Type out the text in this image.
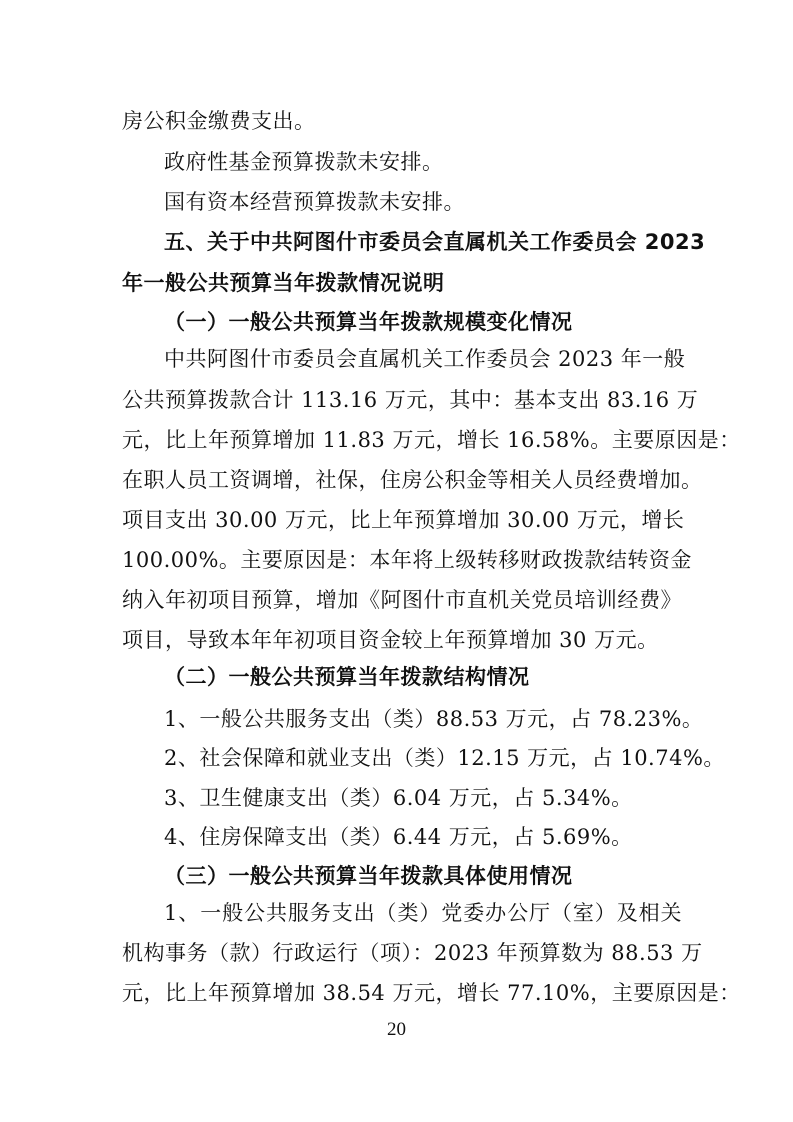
房公积金缴费支出。
政府性基金预算拨款未安排。
国有资本经营预算拨款未安排。
五、关于中共阿图什市委员会直属机关工作委员会 2023
年一般公共预算当年拨款情况说明
（一）一般公共预算当年拨款规模变化情况
中共阿图什市委员会直属机关工作委员会 2023 年一般
公共预算拨款合计 113.16 万元，其中：基本支出 83.16 万
元，比上年预算增加 11.83 万元，增长 16.58%。主要原因是：
在职人员工资调增，社保，住房公积金等相关人员经费增加。
项目支出 30.00 万元，比上年预算增加 30.00 万元，增长
100.00%。主要原因是：本年将上级转移财政拨款结转资金
纳入年初项目预算，增加《阿图什市直机关党员培训经费》
项目，导致本年年初项目资金较上年预算增加 30 万元。
（二）一般公共预算当年拨款结构情况
1、一般公共服务支出（类）88.53 万元，占 78.23%。
2、社会保障和就业支出（类）12.15 万元，占 10.74%。
3、卫生健康支出（类）6.04 万元，占 5.34%。
4、住房保障支出（类）6.44 万元，占 5.69%。
（三）一般公共预算当年拨款具体使用情况
1、一般公共服务支出（类）党委办公厅（室）及相关
机构事务（款）行政运行（项）：2023 年预算数为 88.53 万
元，比上年预算增加 38.54 万元，增长 77.10%，主要原因是：
20
